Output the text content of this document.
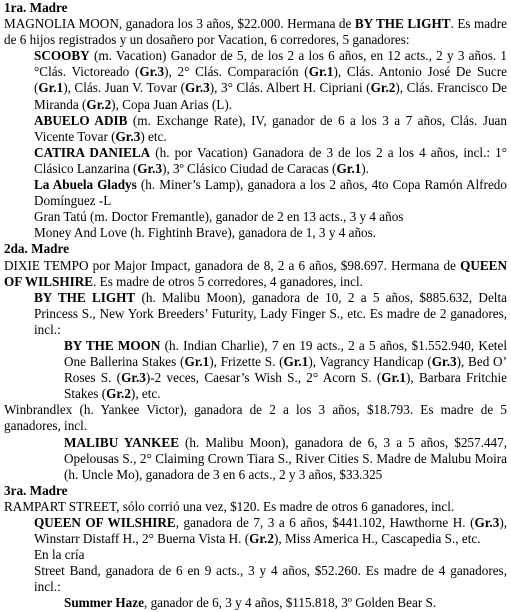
1ra. Madre

MAGNOLIA MOON, ganadora los 3 años, $22.000. Hermana de BY THE LIGHT. Es madre de 6 hijos registrados y un dosañero por Vacation, 6 corredores, 5 ganadores:

SCOOBY (m. Vacation) Ganador de 5, de los 2 a los 6 años, en 12 acts., 2 y 3 años. 1 °Clás. Victoreado (Gr.3), 2° Clás. Comparación (Gr.1), Clás. Antonio José De Sucre (Gr.1), Clás. Juan V. Tovar (Gr.3), 3° Clás. Albert H. Cipriani (Gr.2), Clás. Francisco De Miranda (Gr.2), Copa Juan Arias (L).

ABUELO ADIB (m. Exchange Rate), IV, ganador de 6 a los 3 a 7 años, Clás. Juan Vicente Tovar (Gr.3) etc.

CATIRA DANIELA (h. por Vacation) Ganadora de 3 de los 2 a los 4 años, incl.: 1° Clásico Lanzarina (Gr.3), 3º Clásico Ciudad de Caracas (Gr.1).

La Abuela Gladys (h. Miner’s Lamp), ganadora a los 2 años, 4to Copa Ramón Alfredo Domínguez -L

Gran Tatú (m. Doctor Fremantle), ganador de 2 en 13 acts., 3 y 4 años

Money And Love (h. Fightinh Brave), ganadora de 1, 3 y 4 años.

2da. Madre

DIXIE TEMPO por Major Impact, ganadora de 8, 2 a 6 años, $98.697. Hermana de QUEEN OF WILSHIRE. Es madre de otros 5 corredores, 4 ganadores, incl.

BY THE LIGHT (h. Malibu Moon), ganadora de 10, 2 a 5 años, $885.632, Delta Princess S., New York Breeders’ Futurity, Lady Finger S., etc. Es madre de 2 ganadores, incl.:

BY THE MOON (h. Indian Charlie), 7 en 19 acts., 2 a 5 años, $1.552.940, Ketel One Ballerina Stakes (Gr.1), Frizette S. (Gr.1), Vagrancy Handicap (Gr.3), Bed O’ Roses S. (Gr.3)-2 veces, Caesar’s Wish S., 2° Acorn S. (Gr.1), Barbara Fritchie Stakes (Gr.2), etc.

Winbrandlex (h. Yankee Victor), ganadora de 2 a los 3 años, $18.793. Es madre de 5 ganadores, incl.

MALIBU YANKEE (h. Malibu Moon), ganadora de 6, 3 a 5 años, $257.447, Opelousas S., 2° Claiming Crown Tiara S., River Cities S. Madre de Malubu Moira (h. Uncle Mo), ganadora de 3 en 6 acts., 2 y 3 años, $33.325

3ra. Madre

RAMPART STREET, sólo corrió una vez, $120. Es madre de otros 6 ganadores, incl.

QUEEN OF WILSHIRE, ganadora de 7, 3 a 6 años, $441.102, Hawthorne H. (Gr.3), Winstarr Distaff H., 2° Buerna Vista H. (Gr.2), Miss America H., Cascapedia S., etc.

En la cría

Street Band, ganadora de 6 en 9 acts., 3 y 4 años, $52.260. Es madre de 4 ganadores, incl.:

Summer Haze, ganador de 6, 3 y 4 años, $115.818, 3º Golden Bear S.
